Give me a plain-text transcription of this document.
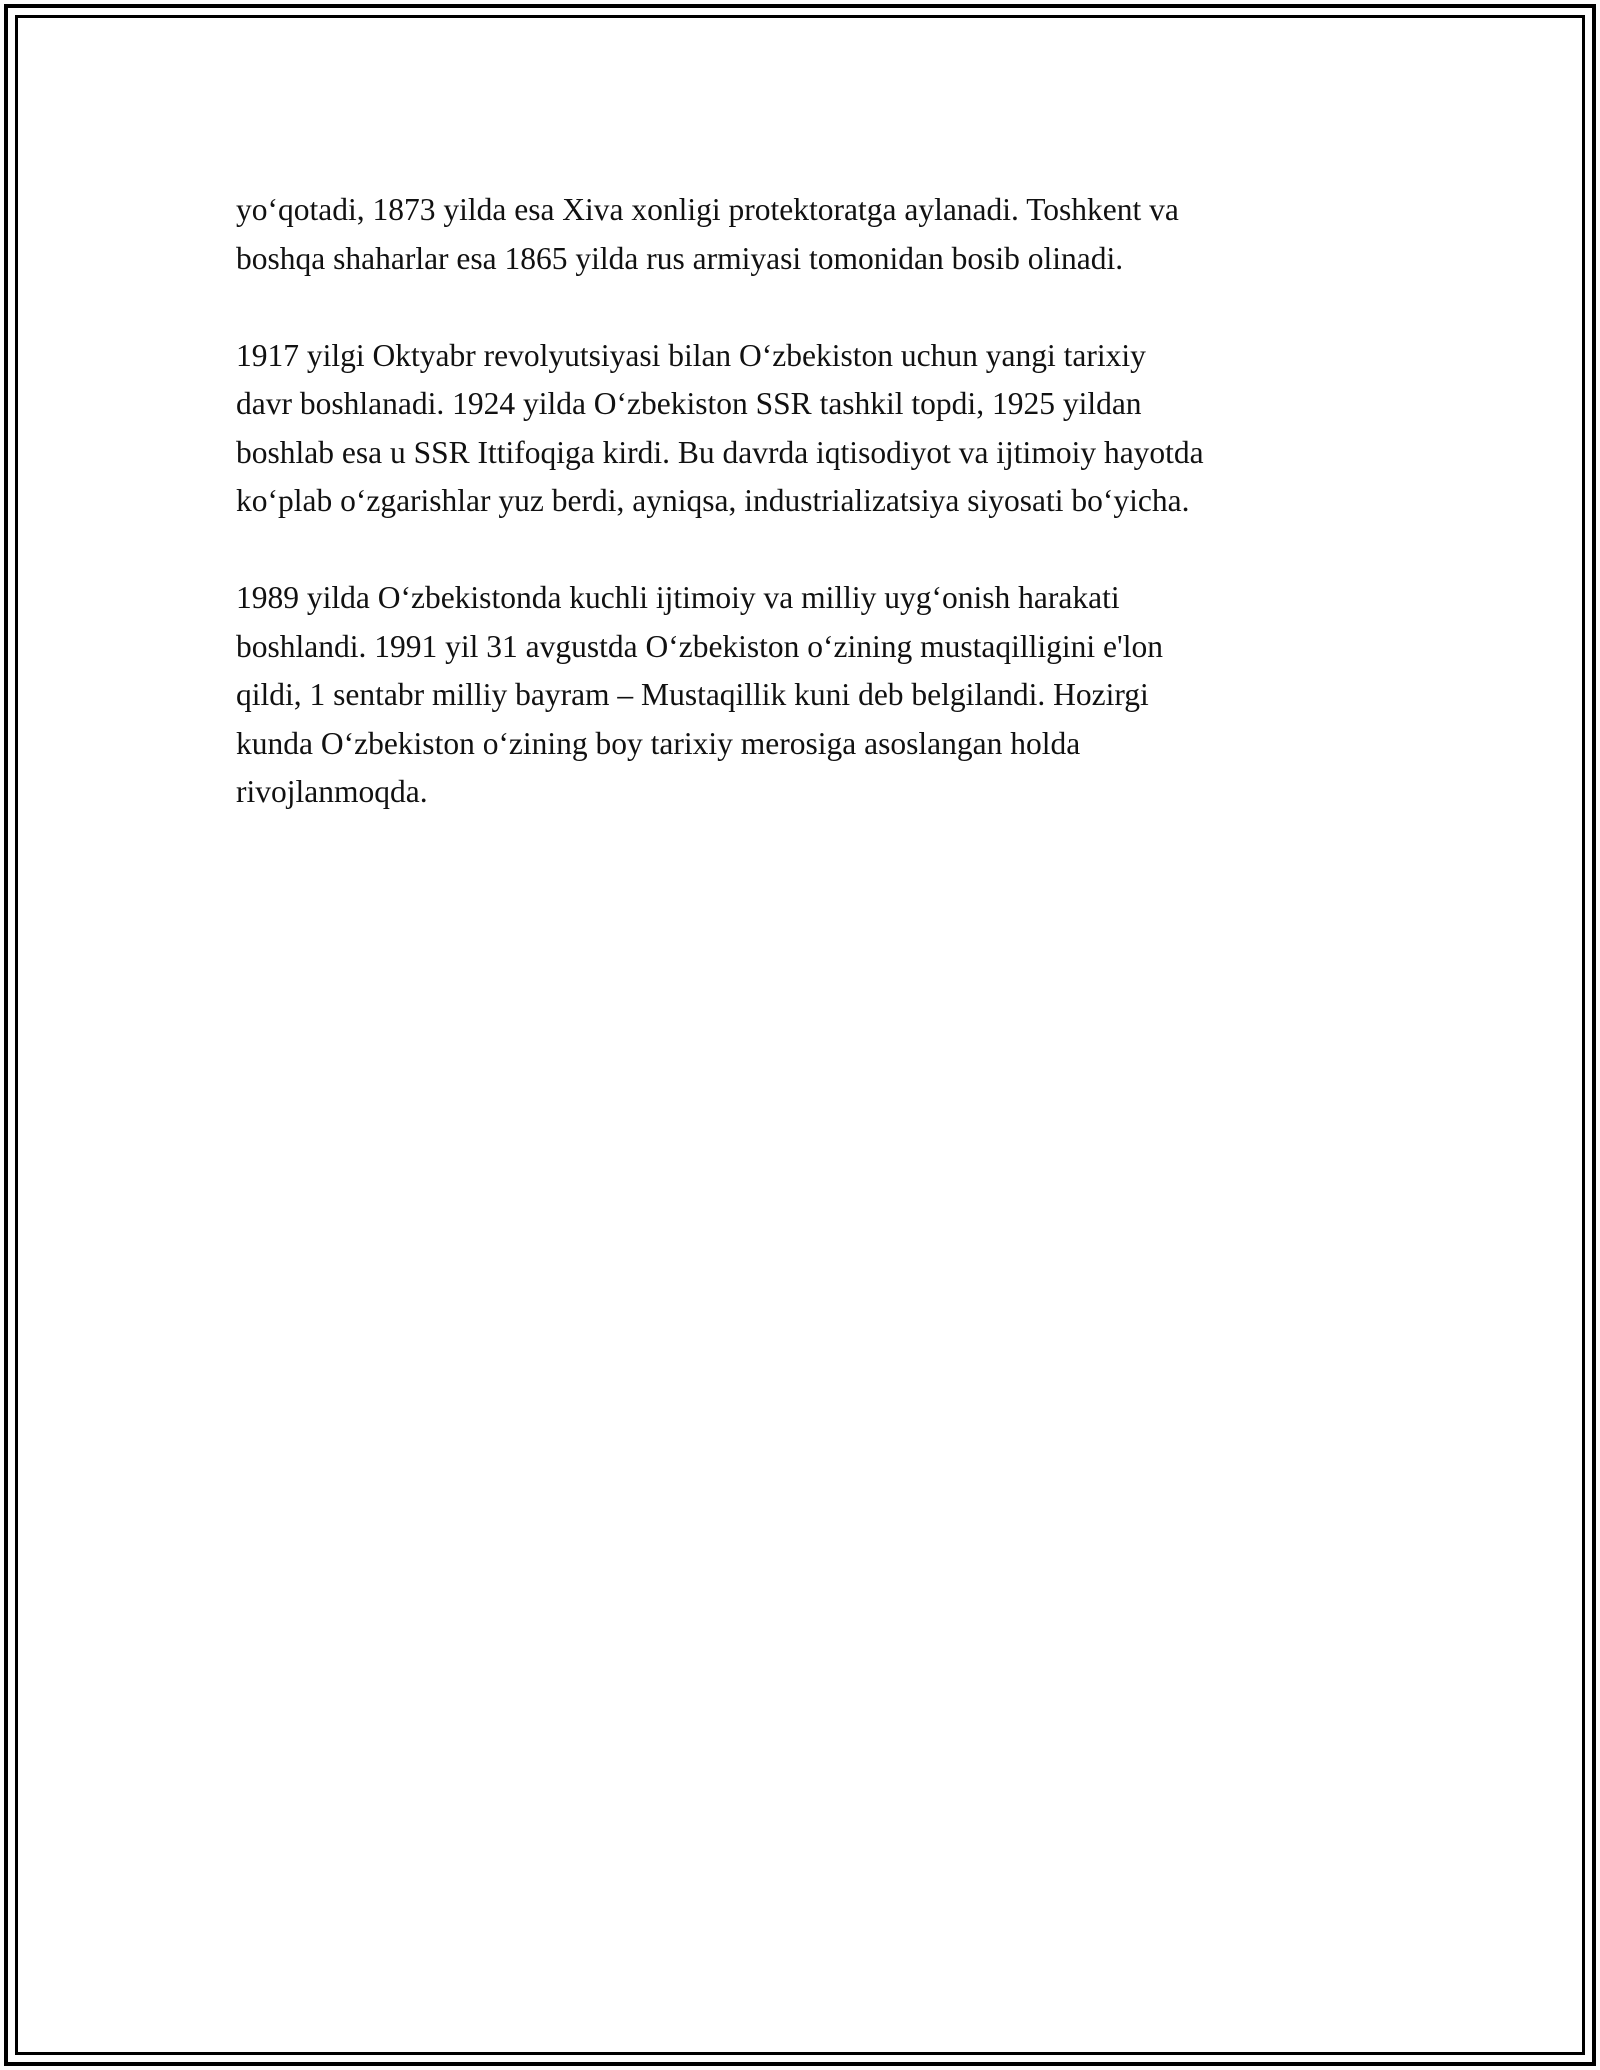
yo‘qotadi, 1873 yilda esa Xiva xonligi protektoratga aylanadi. Toshkent va
boshqa shaharlar esa 1865 yilda rus armiyasi tomonidan bosib olinadi.

1917 yilgi Oktyabr revolyutsiyasi bilan O‘zbekiston uchun yangi tarixiy
davr boshlanadi. 1924 yilda O‘zbekiston SSR tashkil topdi, 1925 yildan
boshlab esa u SSR Ittifoqiga kirdi. Bu davrda iqtisodiyot va ijtimoiy hayotda
ko‘plab o‘zgarishlar yuz berdi, ayniqsa, industrializatsiya siyosati bo‘yicha.

1989 yilda O‘zbekistonda kuchli ijtimoiy va milliy uyg‘onish harakati
boshlandi. 1991 yil 31 avgustda O‘zbekiston o‘zining mustaqilligini e'lon
qildi, 1 sentabr milliy bayram – Mustaqillik kuni deb belgilandi. Hozirgi
kunda O‘zbekiston o‘zining boy tarixiy merosiga asoslangan holda
rivojlanmoqda.
